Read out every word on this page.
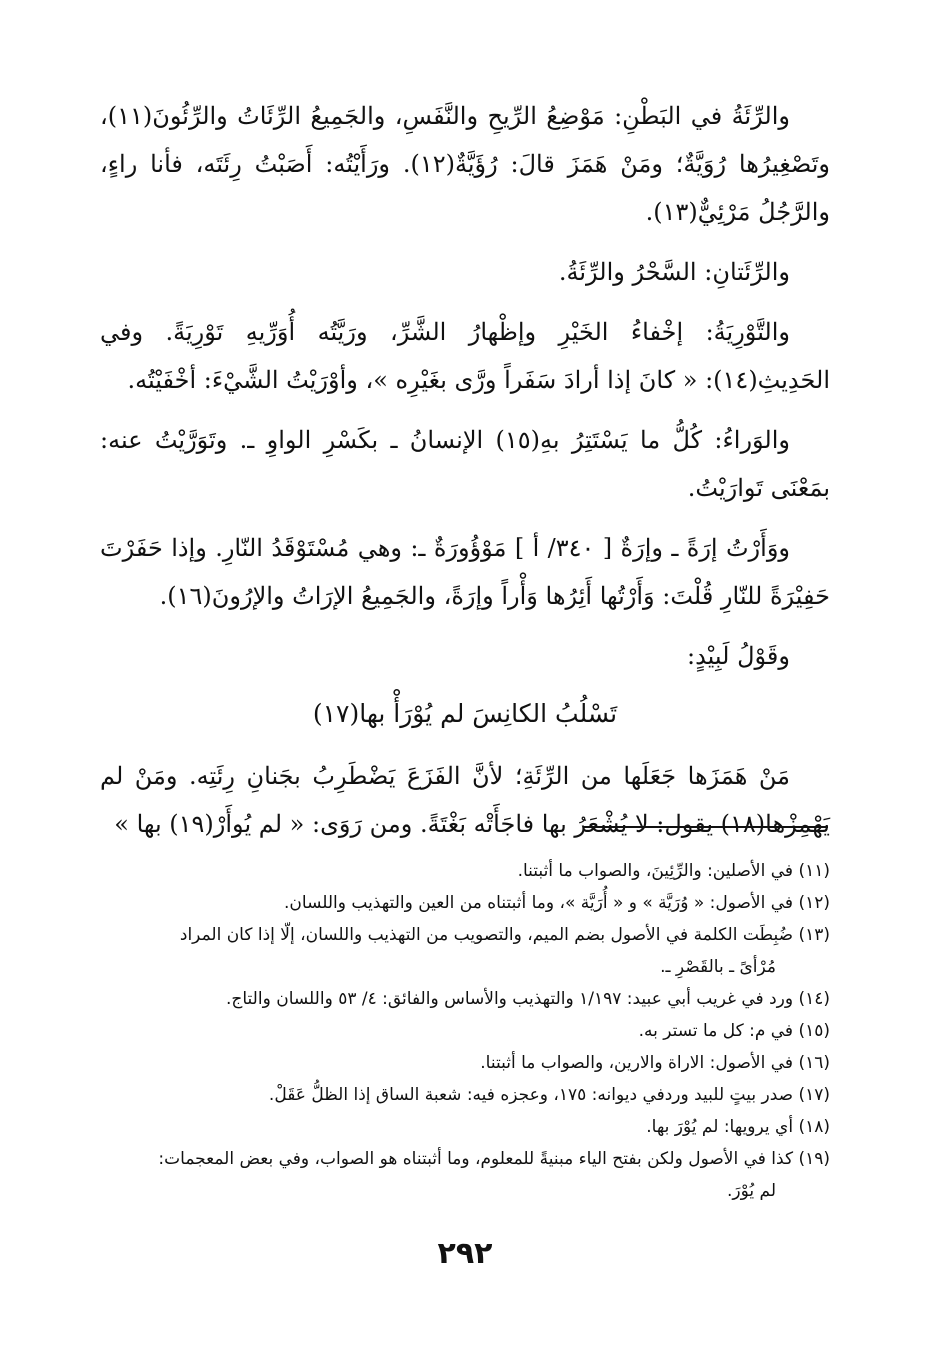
والرِّئَةُ في البَطْنِ: مَوْضِعُ الرِّيحِ والنَّفَسِ، والجَمِيعُ الرِّئَاتُ والرِّئُونَ(١١)، وتَصْغِيرُها رُوَيَّةٌ؛ ومَنْ هَمَزَ قالَ: رُؤَيَّةٌ(١٢). ورَأَيْتُه: أَصَبْتُ رِئَتَه، فأنا راءٍ، والرَّجُلُ مَرْئِيٌّ(١٣).

والرِّئَتانِ: السَّحْرُ والرِّئَةُ.

والتَّوْرِيَةُ: إخْفاءُ الخَيْرِ وإظْهارُ الشَّرِّ، ورَيَّتُه أُوَرِّيهِ تَوْرِيَةً. وفي الحَدِيثِ(١٤): « كانَ إذا أرادَ سَفَراً ورَّى بغَيْرِه »، وأوْرَيْتُ الشَّيْءَ: أخْفَيْتُه.

والوَراءُ: كُلُّ ما يَسْتَتِرُ بهِ(١٥) الإنسانُ ـ بكَسْرِ الواوِ ـ. وتَوَرَّيْتُ عنه: بمَعْنَى تَوارَيْتُ.

ووَأَرْتُ إرَةً ـ وإرَةٌ [ ٣٤٠/ أ ] مَوْؤُورَةٌ ـ: وهي مُسْتَوْقَدُ النّارِ. وإذا حَفَرْتَ حَفِيْرَةً للنّارِ قُلْتَ: وَأَرْتُها أَئِرُها وَأْراً وإرَةً، والجَمِيعُ الإرَاتُ والإرُونَ(١٦).

وقَوْلُ لَبِيْدٍ:

تَسْلُبُ الكانِسَ لم يُوْرَأْ بها(١٧)

مَنْ هَمَزَها جَعَلَها من الرِّئَةِ؛ لأنَّ الفَزَعَ يَضْطَرِبُ بجَنانِ رِئَتِه. ومَنْ لم يَهْمِزْها(١٨) يقول: لا يُشْعَرُ بها فاجَأَتْه بَغْتَةً. ومن رَوَى: « لم يُوأَرْ(١٩) بها »

(١١) في الأصلين: والرِّئِينَ، والصواب ما أثبتنا.
(١٢) في الأصول: « وُرَيَّة » و « أُرَيَّة »، وما أثبتناه من العين والتهذيب واللسان.
(١٣) ضُبِطَت الكلمة في الأصول بضم الميم، والتصويب من التهذيب واللسان، إلّا إذا كان المراد
مُرْأىً ـ بالقَصْرِ ـ.
(١٤) ورد في غريب أبي عبيد: ١/١٩٧ والتهذيب والأساس والفائق: ٤/ ٥٣ واللسان والتاج.
(١٥) في م: كل ما تستر به.
(١٦) في الأصول: الاراة والارين، والصواب ما أثبتنا.
(١٧) صدر بيتٍ للبيد وردفي ديوانه: ١٧٥، وعجزه فيه: شعبة الساق إذا الظلُّ عَقَلْ.
(١٨) أي يرويها: لم يُوْرَ بها.
(١٩) كذا في الأصول ولكن بفتح الياء مبنيةً للمعلوم، وما أثبتناه هو الصواب، وفي بعض المعجمات:
لم يُوْرَ.
٢٩٢
